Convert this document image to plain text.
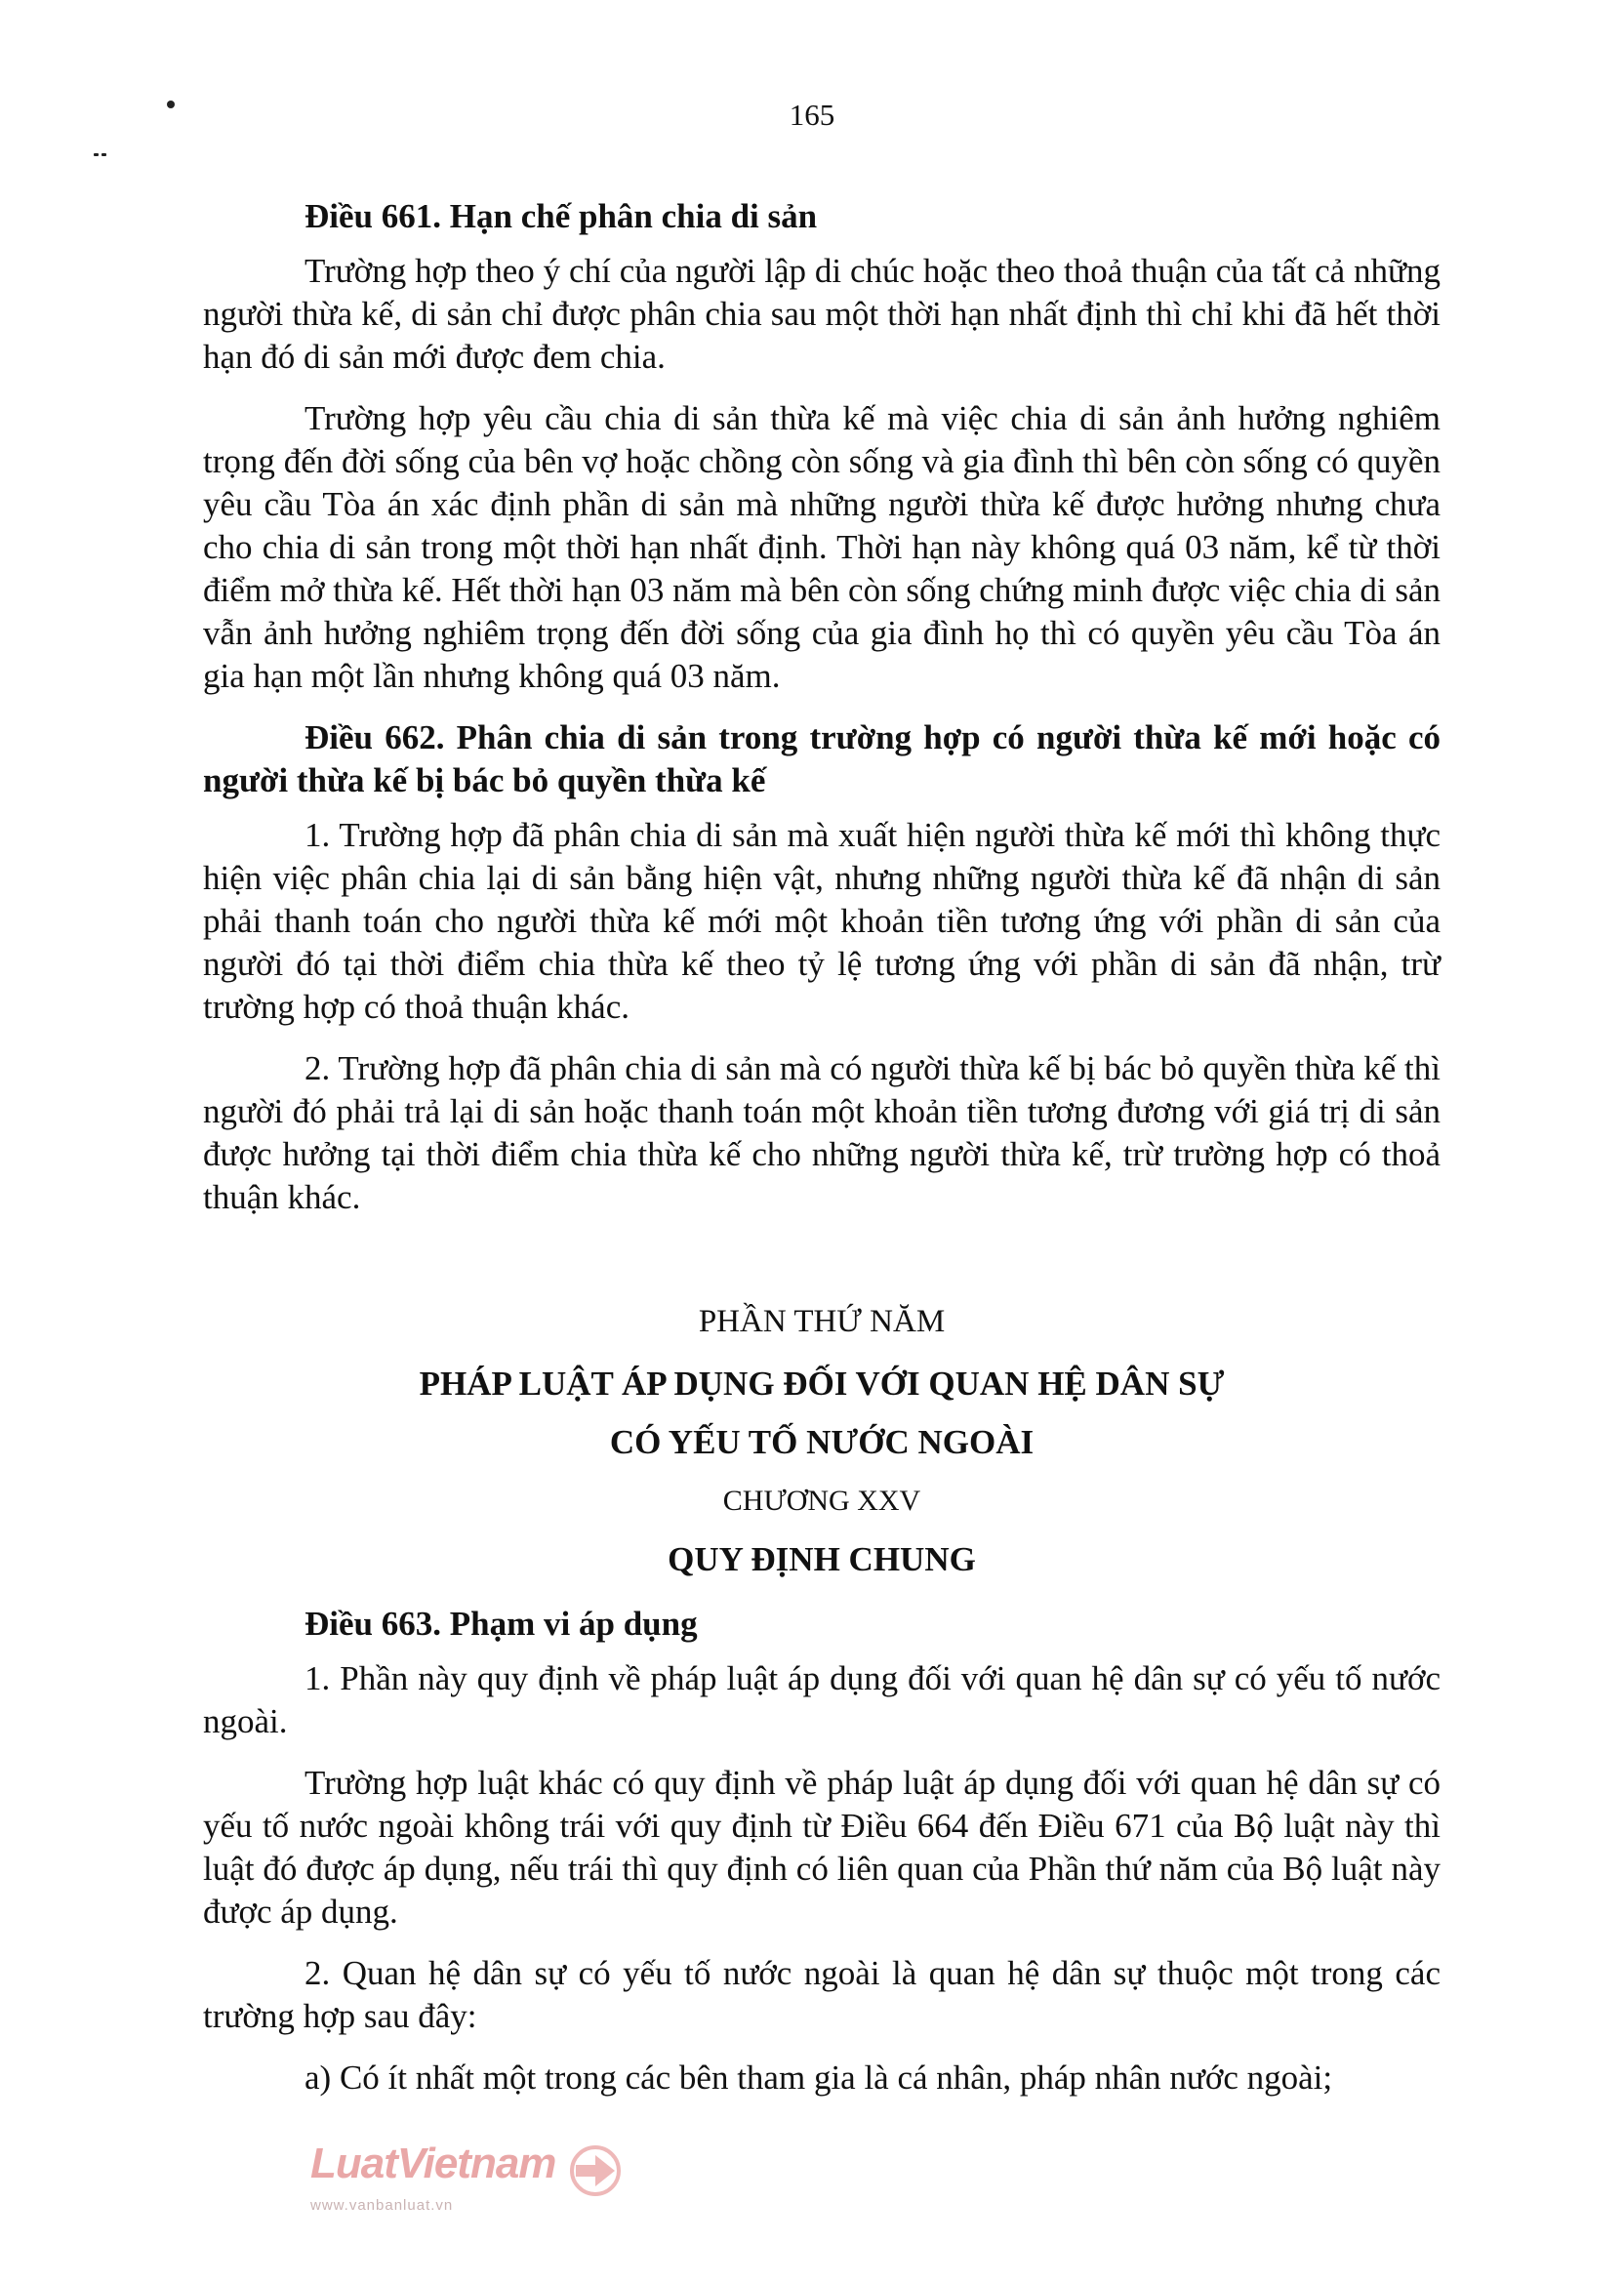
165

Điều 661. Hạn chế phân chia di sản

Trường hợp theo ý chí của người lập di chúc hoặc theo thoả thuận của tất cả những người thừa kế, di sản chỉ được phân chia sau một thời hạn nhất định thì chỉ khi đã hết thời hạn đó di sản mới được đem chia.

Trường hợp yêu cầu chia di sản thừa kế mà việc chia di sản ảnh hưởng nghiêm trọng đến đời sống của bên vợ hoặc chồng còn sống và gia đình thì bên còn sống có quyền yêu cầu Tòa án xác định phần di sản mà những người thừa kế được hưởng nhưng chưa cho chia di sản trong một thời hạn nhất định. Thời hạn này không quá 03 năm, kể từ thời điểm mở thừa kế. Hết thời hạn 03 năm mà bên còn sống chứng minh được việc chia di sản vẫn ảnh hưởng nghiêm trọng đến đời sống của gia đình họ thì có quyền yêu cầu Tòa án gia hạn một lần nhưng không quá 03 năm.

Điều 662. Phân chia di sản trong trường hợp có người thừa kế mới hoặc có người thừa kế bị bác bỏ quyền thừa kế

1. Trường hợp đã phân chia di sản mà xuất hiện người thừa kế mới thì không thực hiện việc phân chia lại di sản bằng hiện vật, nhưng những người thừa kế đã nhận di sản phải thanh toán cho người thừa kế mới một khoản tiền tương ứng với phần di sản của người đó tại thời điểm chia thừa kế theo tỷ lệ tương ứng với phần di sản đã nhận, trừ trường hợp có thoả thuận khác.

2. Trường hợp đã phân chia di sản mà có người thừa kế bị bác bỏ quyền thừa kế thì người đó phải trả lại di sản hoặc thanh toán một khoản tiền tương đương với giá trị di sản được hưởng tại thời điểm chia thừa kế cho những người thừa kế, trừ trường hợp có thoả thuận khác.

PHẦN THỨ NĂM

PHÁP LUẬT ÁP DỤNG ĐỐI VỚI QUAN HỆ DÂN SỰ

CÓ YẾU TỐ NƯỚC NGOÀI

CHƯƠNG XXV

QUY ĐỊNH CHUNG

Điều 663. Phạm vi áp dụng

1. Phần này quy định về pháp luật áp dụng đối với quan hệ dân sự có yếu tố nước ngoài.

Trường hợp luật khác có quy định về pháp luật áp dụng đối với quan hệ dân sự có yếu tố nước ngoài không trái với quy định từ Điều 664 đến Điều 671 của Bộ luật này thì luật đó được áp dụng, nếu trái thì quy định có liên quan của Phần thứ năm của Bộ luật này được áp dụng.

2. Quan hệ dân sự có yếu tố nước ngoài là quan hệ dân sự thuộc một trong các trường hợp sau đây:

a) Có ít nhất một trong các bên tham gia là cá nhân, pháp nhân nước ngoài;

LuatVietnam
www.vanbanluat.vn
